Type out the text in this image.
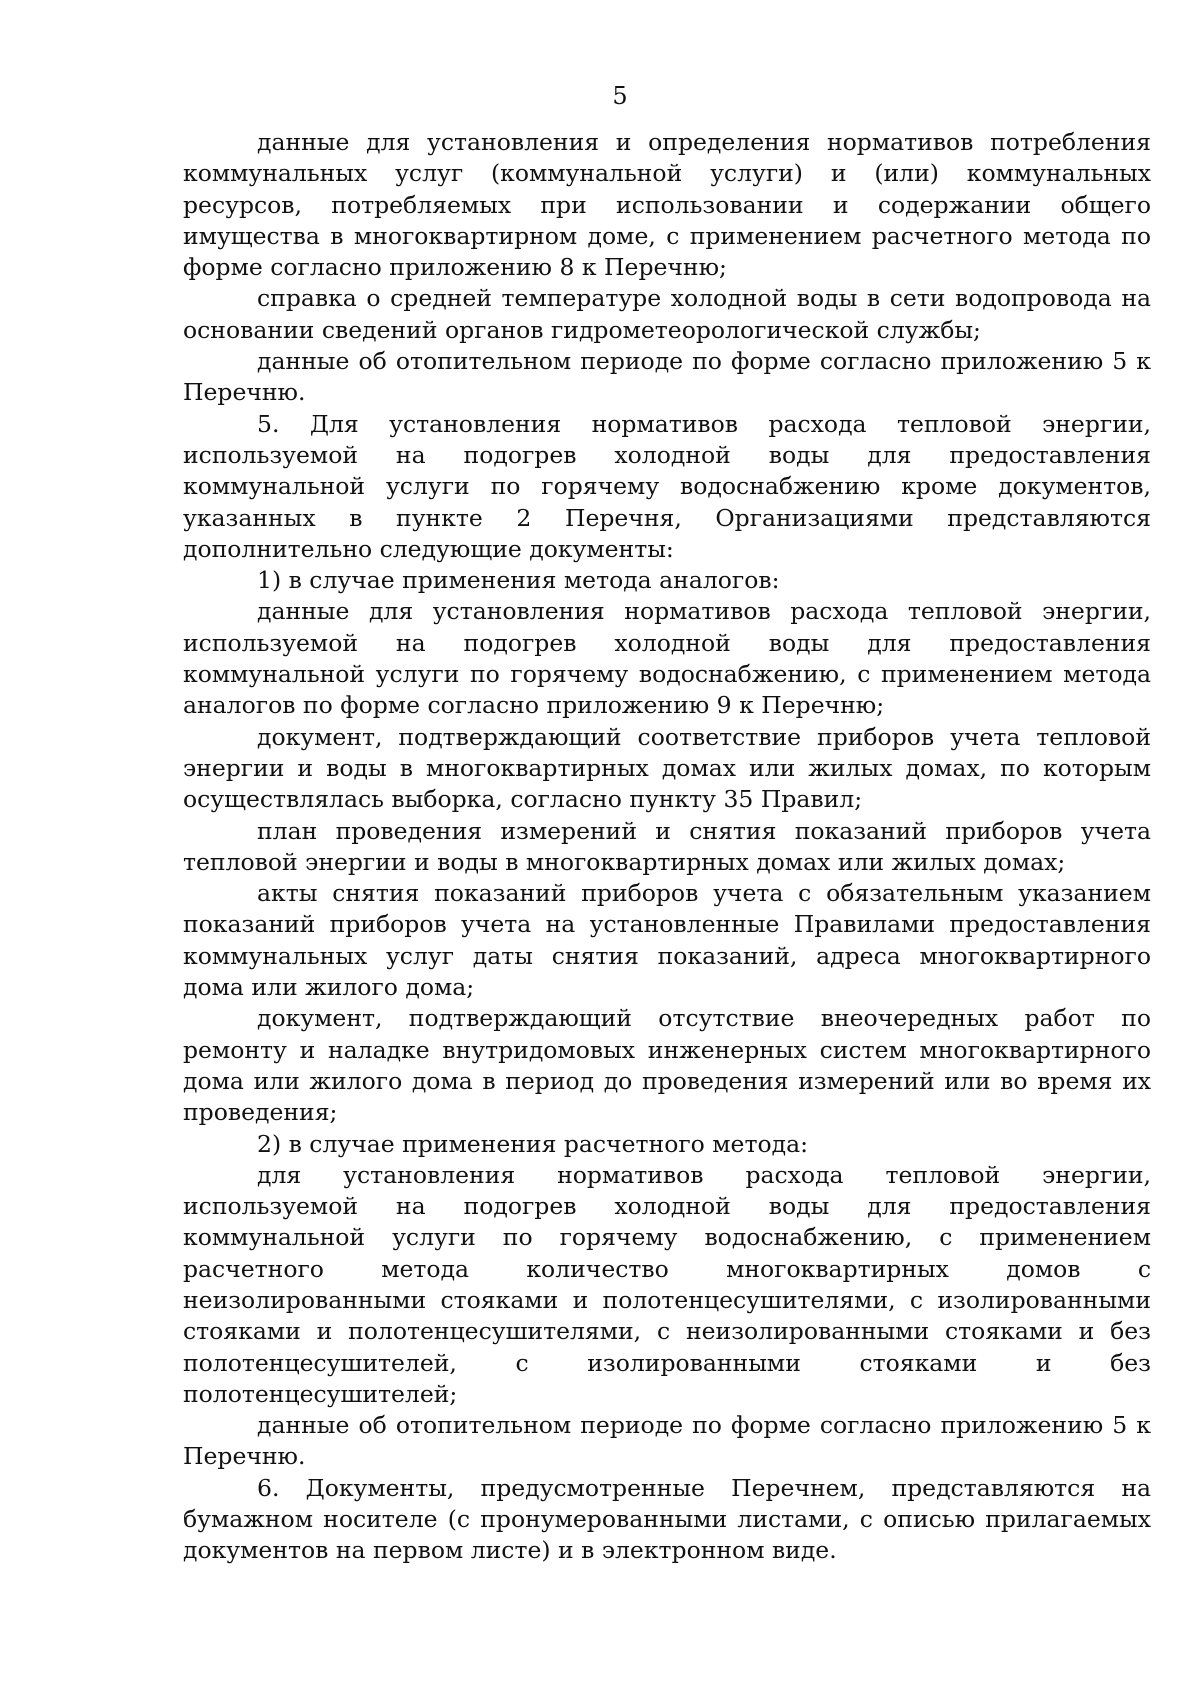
5

данные для установления и определения нормативов потребления коммунальных услуг (коммунальной услуги) и (или) коммунальных ресурсов, потребляемых при использовании и содержании общего имущества в многоквартирном доме, с применением расчетного метода по форме согласно приложению 8 к Перечню;

справка о средней температуре холодной воды в сети водопровода на основании сведений органов гидрометеорологической службы;

данные об отопительном периоде по форме согласно приложению 5 к Перечню.

5. Для установления нормативов расхода тепловой энергии, используемой на подогрев холодной воды для предоставления коммунальной услуги по горячему водоснабжению кроме документов, указанных в пункте 2 Перечня, Организациями представляются дополнительно следующие документы:

1) в случае применения метода аналогов:

данные для установления нормативов расхода тепловой энергии, используемой на подогрев холодной воды для предоставления коммунальной услуги по горячему водоснабжению, с применением метода аналогов по форме согласно приложению 9 к Перечню;

документ, подтверждающий соответствие приборов учета тепловой энергии и воды в многоквартирных домах или жилых домах, по которым осуществлялась выборка, согласно пункту 35 Правил;

план проведения измерений и снятия показаний приборов учета тепловой энергии и воды в многоквартирных домах или жилых домах;

акты снятия показаний приборов учета с обязательным указанием показаний приборов учета на установленные Правилами предоставления коммунальных услуг даты снятия показаний, адреса многоквартирного дома или жилого дома;

документ, подтверждающий отсутствие внеочередных работ по ремонту и наладке внутридомовых инженерных систем многоквартирного дома или жилого дома в период до проведения измерений или во время их проведения;

2) в случае применения расчетного метода:

для установления нормативов расхода тепловой энергии, используемой на подогрев холодной воды для предоставления коммунальной услуги по горячему водоснабжению, с применением расчетного метода количество многоквартирных домов с неизолированными стояками и полотенцесушителями, с изолированными стояками и полотенцесушителями, с неизолированными стояками и без полотенцесушителей, с изолированными стояками и без полотенцесушителей;

данные об отопительном периоде по форме согласно приложению 5 к Перечню.

6. Документы, предусмотренные Перечнем, представляются на бумажном носителе (с пронумерованными листами, с описью прилагаемых документов на первом листе) и в электронном виде.
